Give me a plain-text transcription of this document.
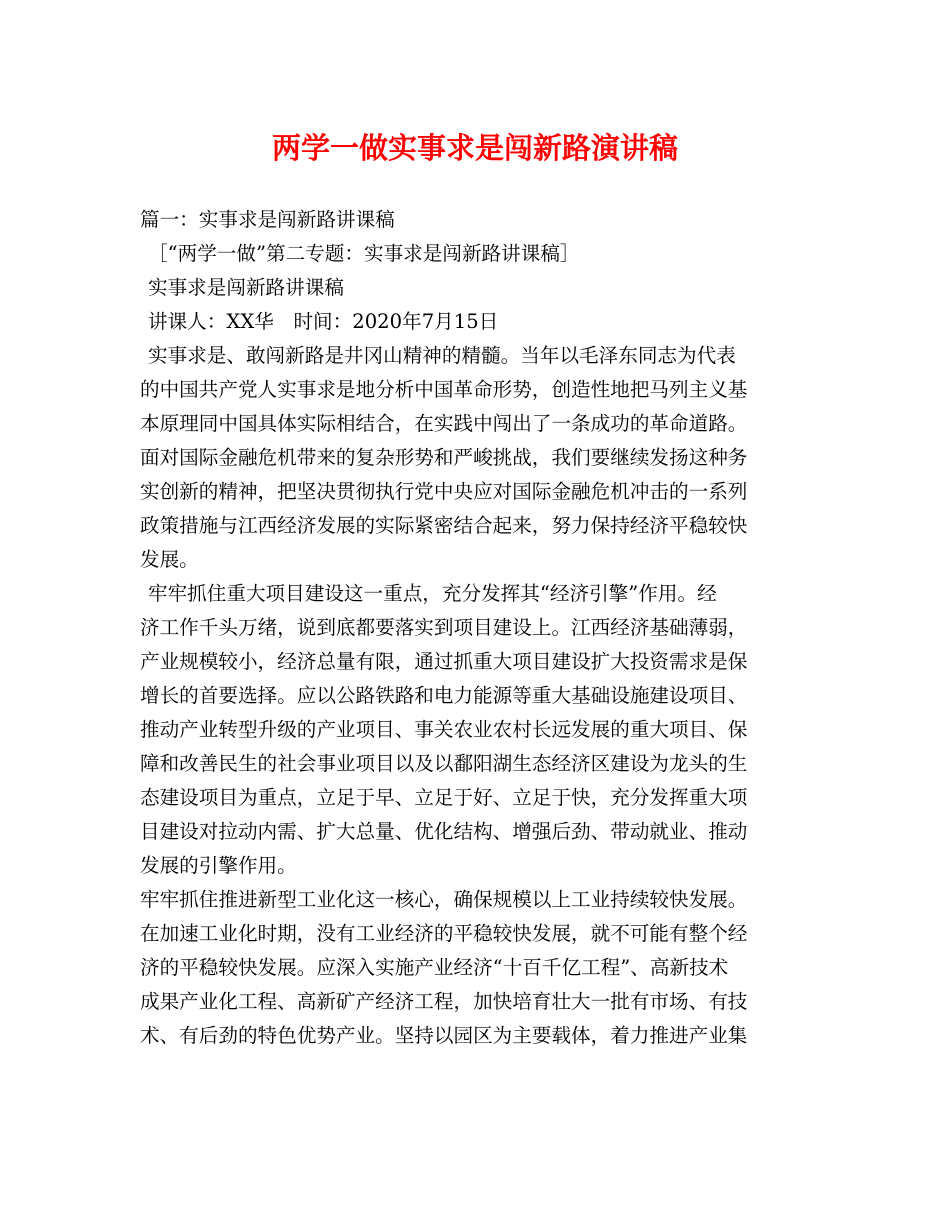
两学一做实事求是闯新路演讲稿
篇一：实事求是闯新路讲课稿
［“两学一做”第二专题：实事求是闯新路讲课稿］
实事求是闯新路讲课稿
讲课人：XX华　时间：2020年7月15日
实事求是、敢闯新路是井冈山精神的精髓。当年以毛泽东同志为代表
的中国共产党人实事求是地分析中国革命形势，创造性地把马列主义基
本原理同中国具体实际相结合，在实践中闯出了一条成功的革命道路。
面对国际金融危机带来的复杂形势和严峻挑战，我们要继续发扬这种务
实创新的精神，把坚决贯彻执行党中央应对国际金融危机冲击的一系列
政策措施与江西经济发展的实际紧密结合起来，努力保持经济平稳较快
发展。
牢牢抓住重大项目建设这一重点，充分发挥其“经济引擎”作用。经
济工作千头万绪，说到底都要落实到项目建设上。江西经济基础薄弱，
产业规模较小，经济总量有限，通过抓重大项目建设扩大投资需求是保
增长的首要选择。应以公路铁路和电力能源等重大基础设施建设项目、
推动产业转型升级的产业项目、事关农业农村长远发展的重大项目、保
障和改善民生的社会事业项目以及以鄱阳湖生态经济区建设为龙头的生
态建设项目为重点，立足于早、立足于好、立足于快，充分发挥重大项
目建设对拉动内需、扩大总量、优化结构、增强后劲、带动就业、推动
发展的引擎作用。
牢牢抓住推进新型工业化这一核心，确保规模以上工业持续较快发展。
在加速工业化时期，没有工业经济的平稳较快发展，就不可能有整个经
济的平稳较快发展。应深入实施产业经济“十百千亿工程”、高新技术
成果产业化工程、高新矿产经济工程，加快培育壮大一批有市场、有技
术、有后劲的特色优势产业。坚持以园区为主要载体，着力推进产业集
